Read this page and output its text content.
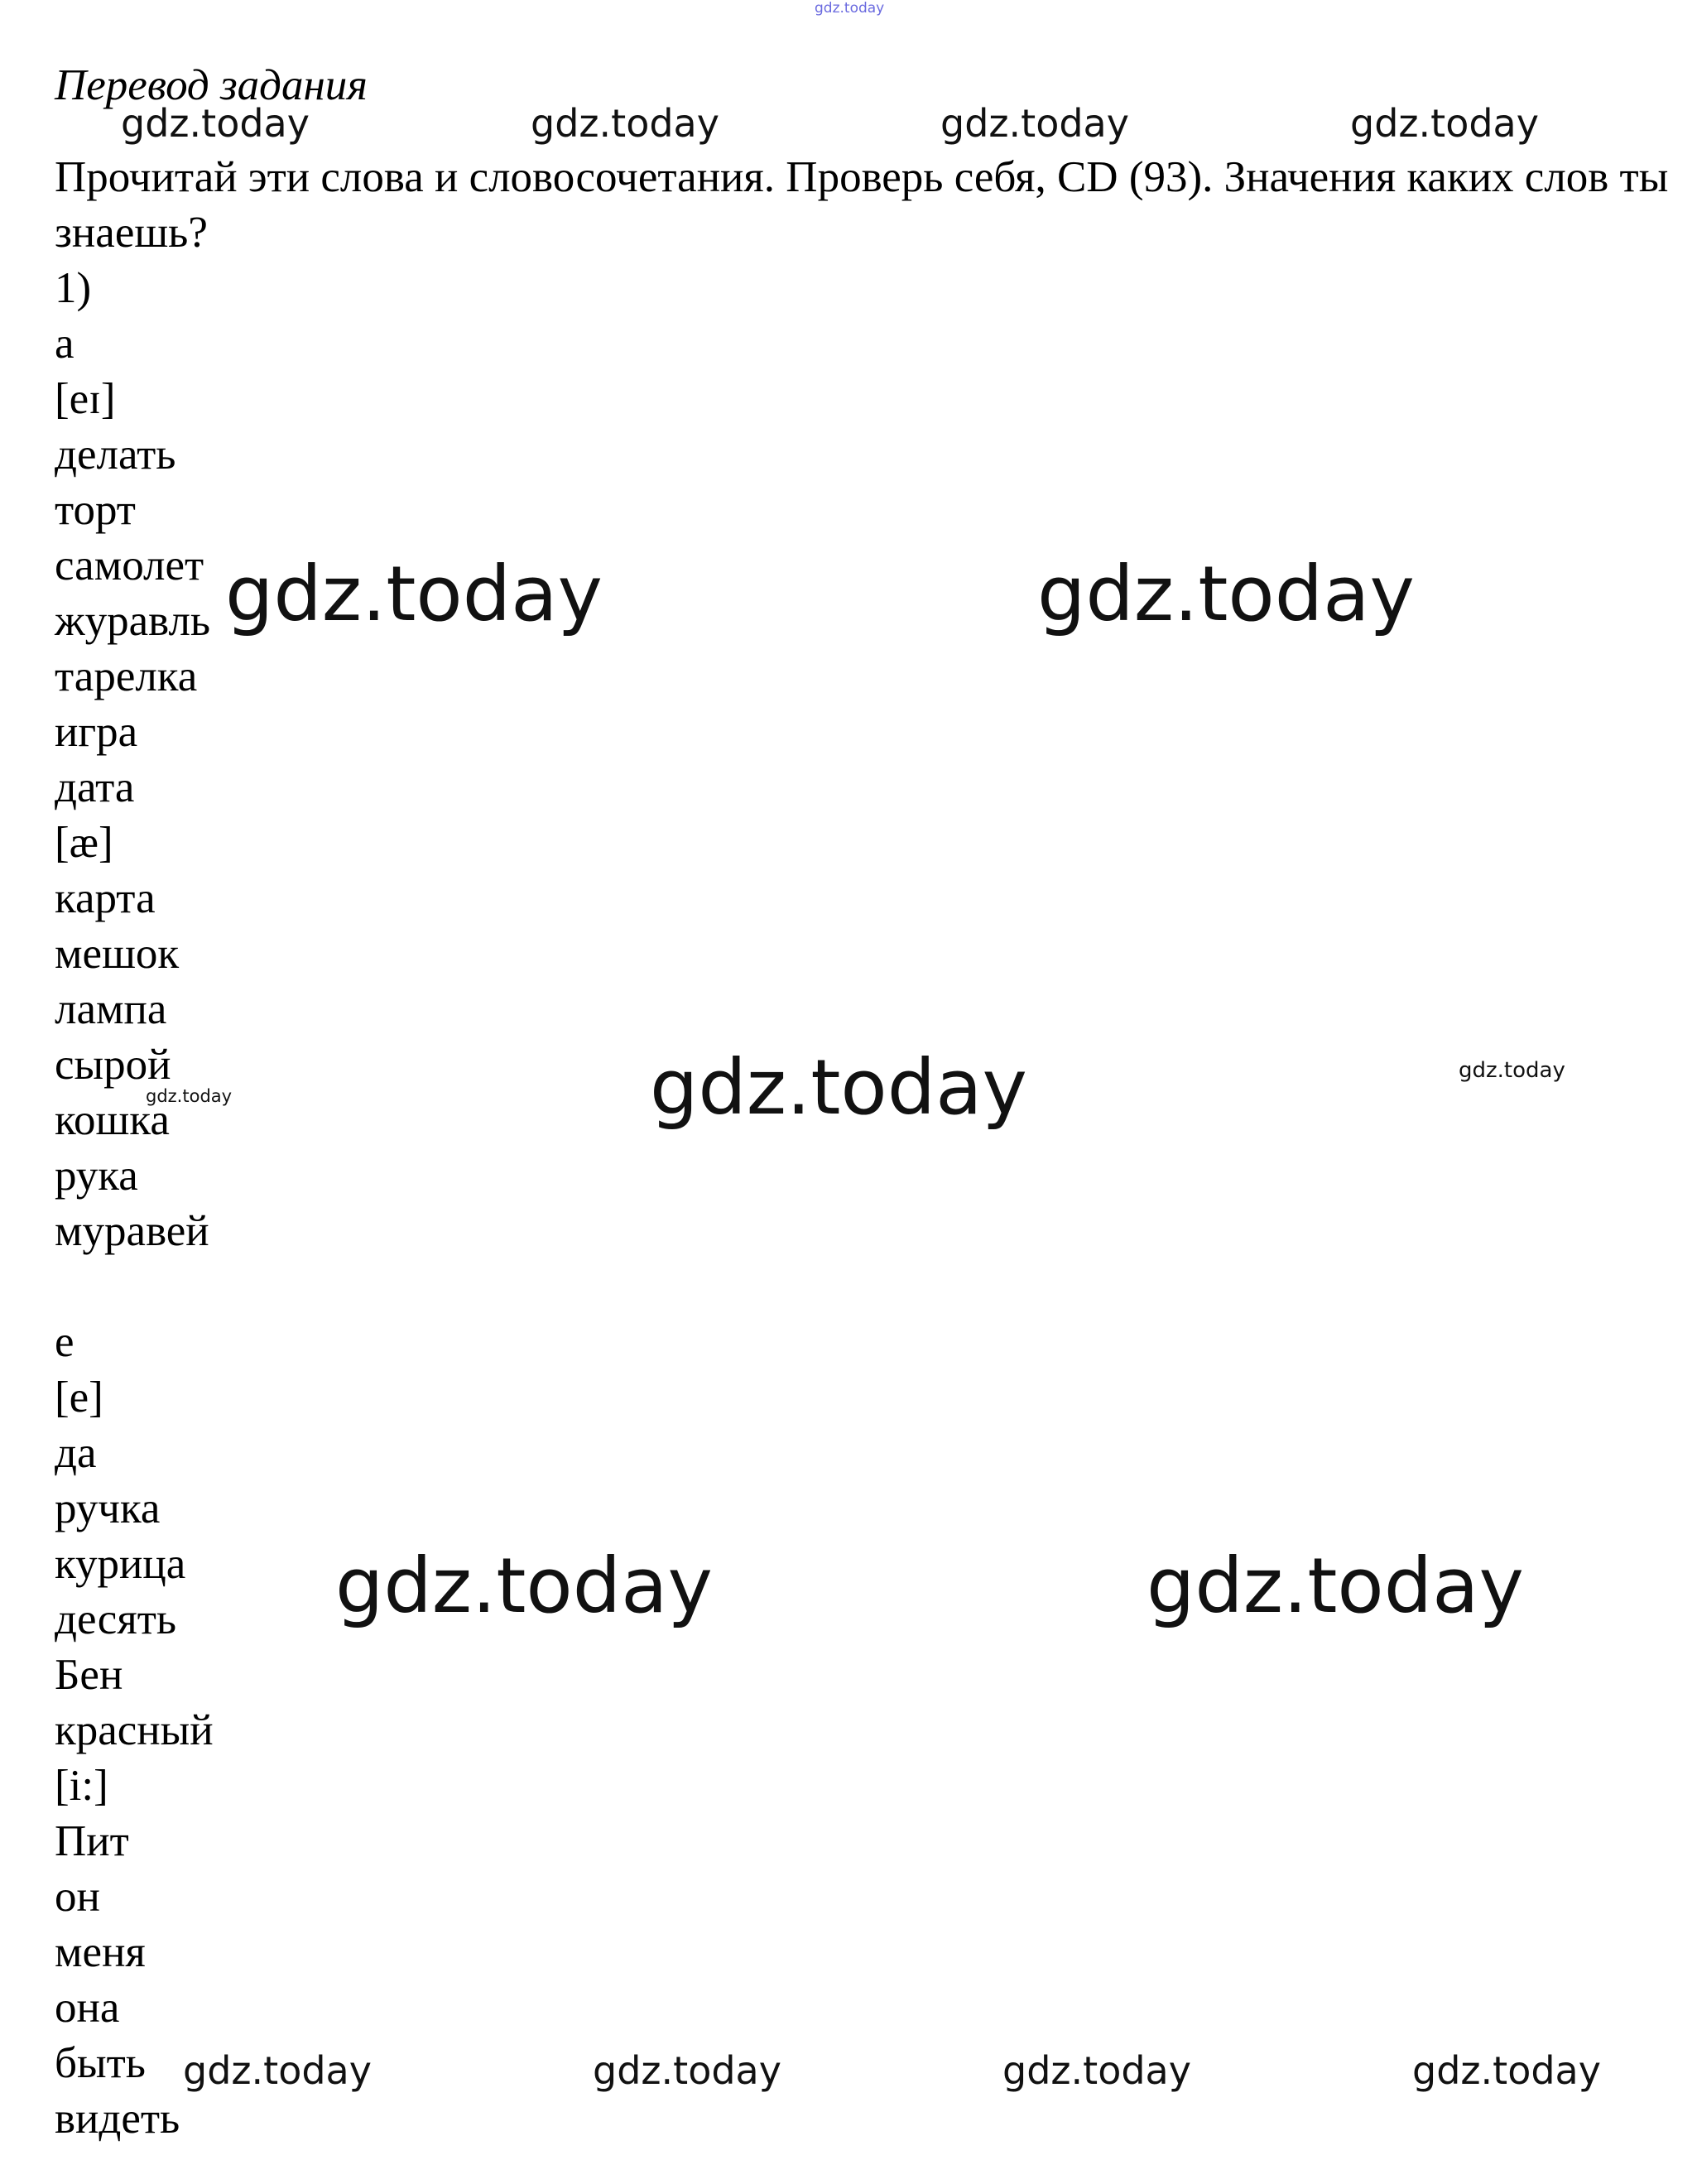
gdz.today
Перевод задания
Прочитай эти слова и словосочетания. Проверь себя, CD (93). Значения каких слов ты знаешь?
1)
a
[eɪ]
делать
торт
самолет
журавль
тарелка
игра
дата
[æ]
карта
мешок
лампа
сырой
кошка
рука
муравей
e
[e]
да
ручка
курица
десять
Бен
красный
[i:]
Пит
он
меня
она
быть
видеть
gdz.today	gdz.today	gdz.today	gdz.today
gdz.today	gdz.today
gdz.today	gdz.today	gdz.today
gdz.today	gdz.today
gdz.today	gdz.today	gdz.today	gdz.today
